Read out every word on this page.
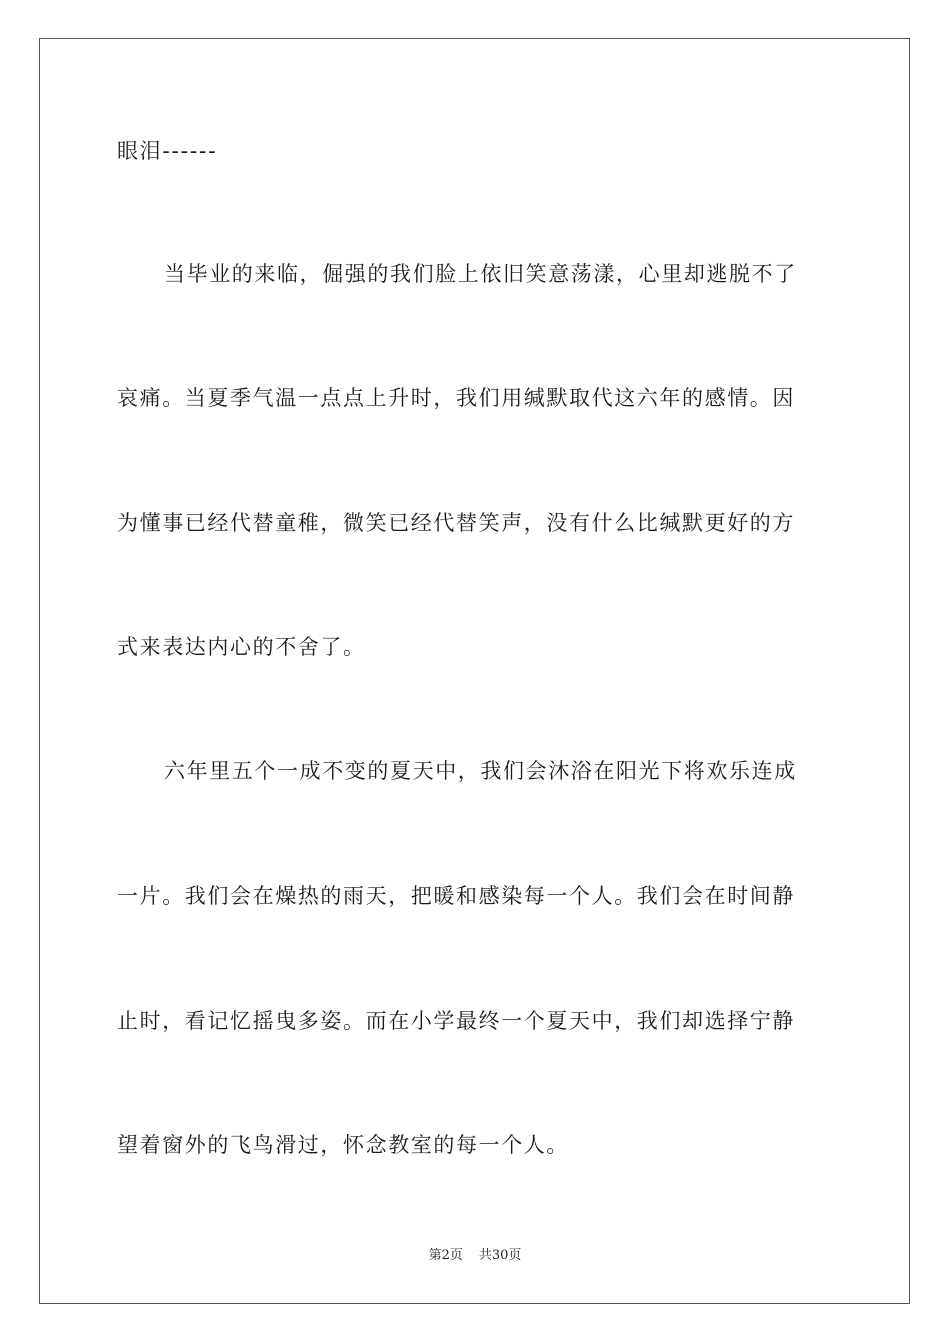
眼泪------
当毕业的来临，倔强的我们脸上依旧笑意荡漾，心里却逃脱不了
哀痛。当夏季气温一点点上升时，我们用缄默取代这六年的感情。因
为懂事已经代替童稚，微笑已经代替笑声，没有什么比缄默更好的方
式来表达内心的不舍了。
六年里五个一成不变的夏天中，我们会沐浴在阳光下将欢乐连成
一片。我们会在燥热的雨天，把暖和感染每一个人。我们会在时间静
止时，看记忆摇曳多姿。而在小学最终一个夏天中，我们却选择宁静
望着窗外的飞鸟滑过，怀念教室的每一个人。
第2页 共30页
